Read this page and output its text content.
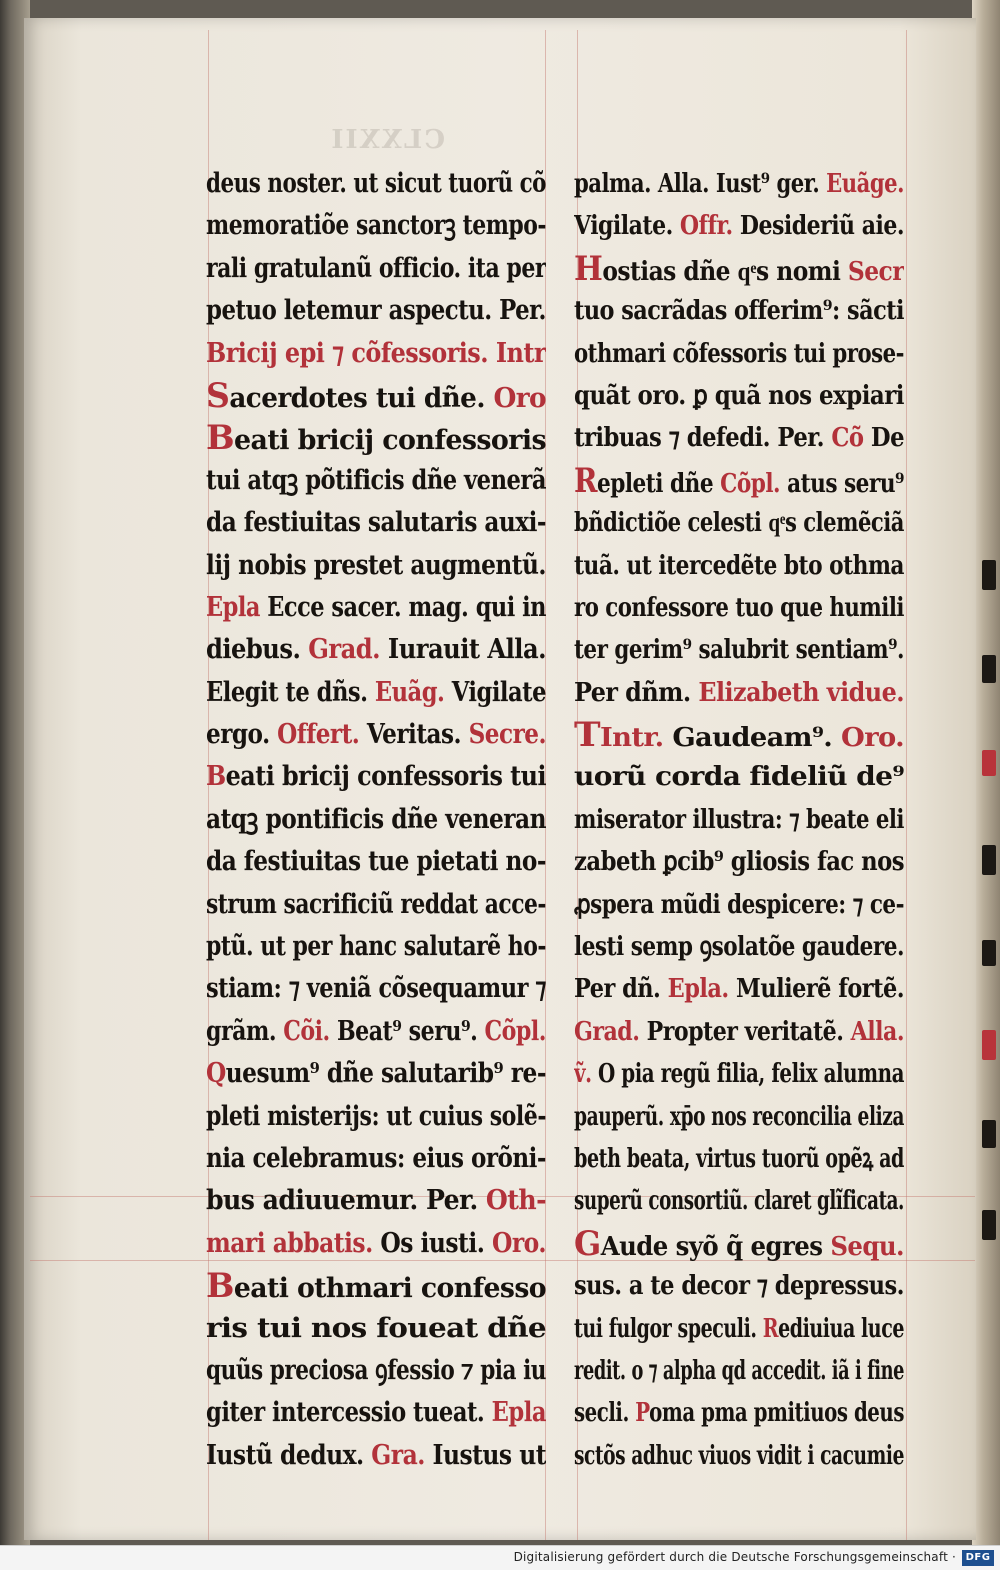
CLXXII
deus noster. ut sicut tuorũ cõ
memoratiõe sanctorꝫ tempo-
rali gratulanũ officio. ita per
petuo letemur aspectu. Per.
Bricij epi ⁊ cõfessoris. Intr
Sacerdotes tui dñe. Oro
Beati bricij confessoris
tui atqꝫ põtificis dñe venerã
da festiuitas salutaris auxi-
lij nobis prestet augmentũ.
Epla Ecce sacer. mag. qui in
diebus. Grad. Iurauit Alla.
Elegit te dñs. Euãg. Vigilate
ergo. Offert. Veritas. Secre.
Beati bricij confessoris tui
atqꝫ pontificis dñe veneran
da festiuitas tue pietati no-
strum sacrificiũ reddat acce-
ptũ. ut per hanc salutarẽ ho-
stiam: ⁊ veniã cõsequamur ⁊
grãm. Cõi. Beat⁹ seru⁹. Cõpl.
Quesum⁹ dñe salutarib⁹ re-
pleti misterijs: ut cuius solẽ-
nia celebramus: eius orõni-
bus adiuuemur. Per. Oth-
mari abbatis. Os iusti. Oro.
Beati othmari confesso
ris tui nos foueat dñe
quũs preciosa ꝯfessio ⁊ pia iu
giter intercessio tueat. Epla
Iustũ dedux. Gra. Iustus ut
palma. Alla. Iust⁹ ger. Euãge.
Vigilate. Offr. Desideriũ aie.
Hostias dñe qͤs nomi Secr
tuo sacrãdas offerim⁹: sãcti
othmari cõfessoris tui prose-
quãt oro. ꝑ quã nos expiari
tribuas ⁊ defedi. Per. Cõ De
Repleti dñe Cõpl. atus seru⁹
bñdictiõe celesti qͤs clemẽciã
tuã. ut itercedẽte bto othma
ro confessore tuo que humili
ter gerim⁹ salubrit sentiam⁹.
Per dñm. Elizabeth vidue.
TIntr. Gaudeam⁹. Oro.
uorũ corda fideliũ de⁹
miserator illustra: ⁊ beate eli
zabeth ꝑcib⁹ gliosis fac nos
ꝓspera mũdi despicere: ⁊ ce-
lesti semp ꝯsolatõe gaudere.
Per dñ. Epla. Mulierẽ fortẽ.
Grad. Propter veritatẽ. Alla.
ṽ. O pia regũ filia, felix alumna
pauperũ. xp̄o nos reconcilia eliza
beth beata, virtus tuorũ opẽꝝ ad
superũ consortiũ. claret glĩficata.
GAude syõ q̃ egres Sequ.
sus. a te decor ⁊ depressus.
tui fulgor speculi. Rediuiua luce
redit. o ⁊ alpha qd accedit. iã i fine
secli. Poma pma pmitiuos deus
sctõs adhuc viuos vidit i cacumie
Digitalisierung gefördert durch die Deutsche Forschungsgemeinschaft · DFG
